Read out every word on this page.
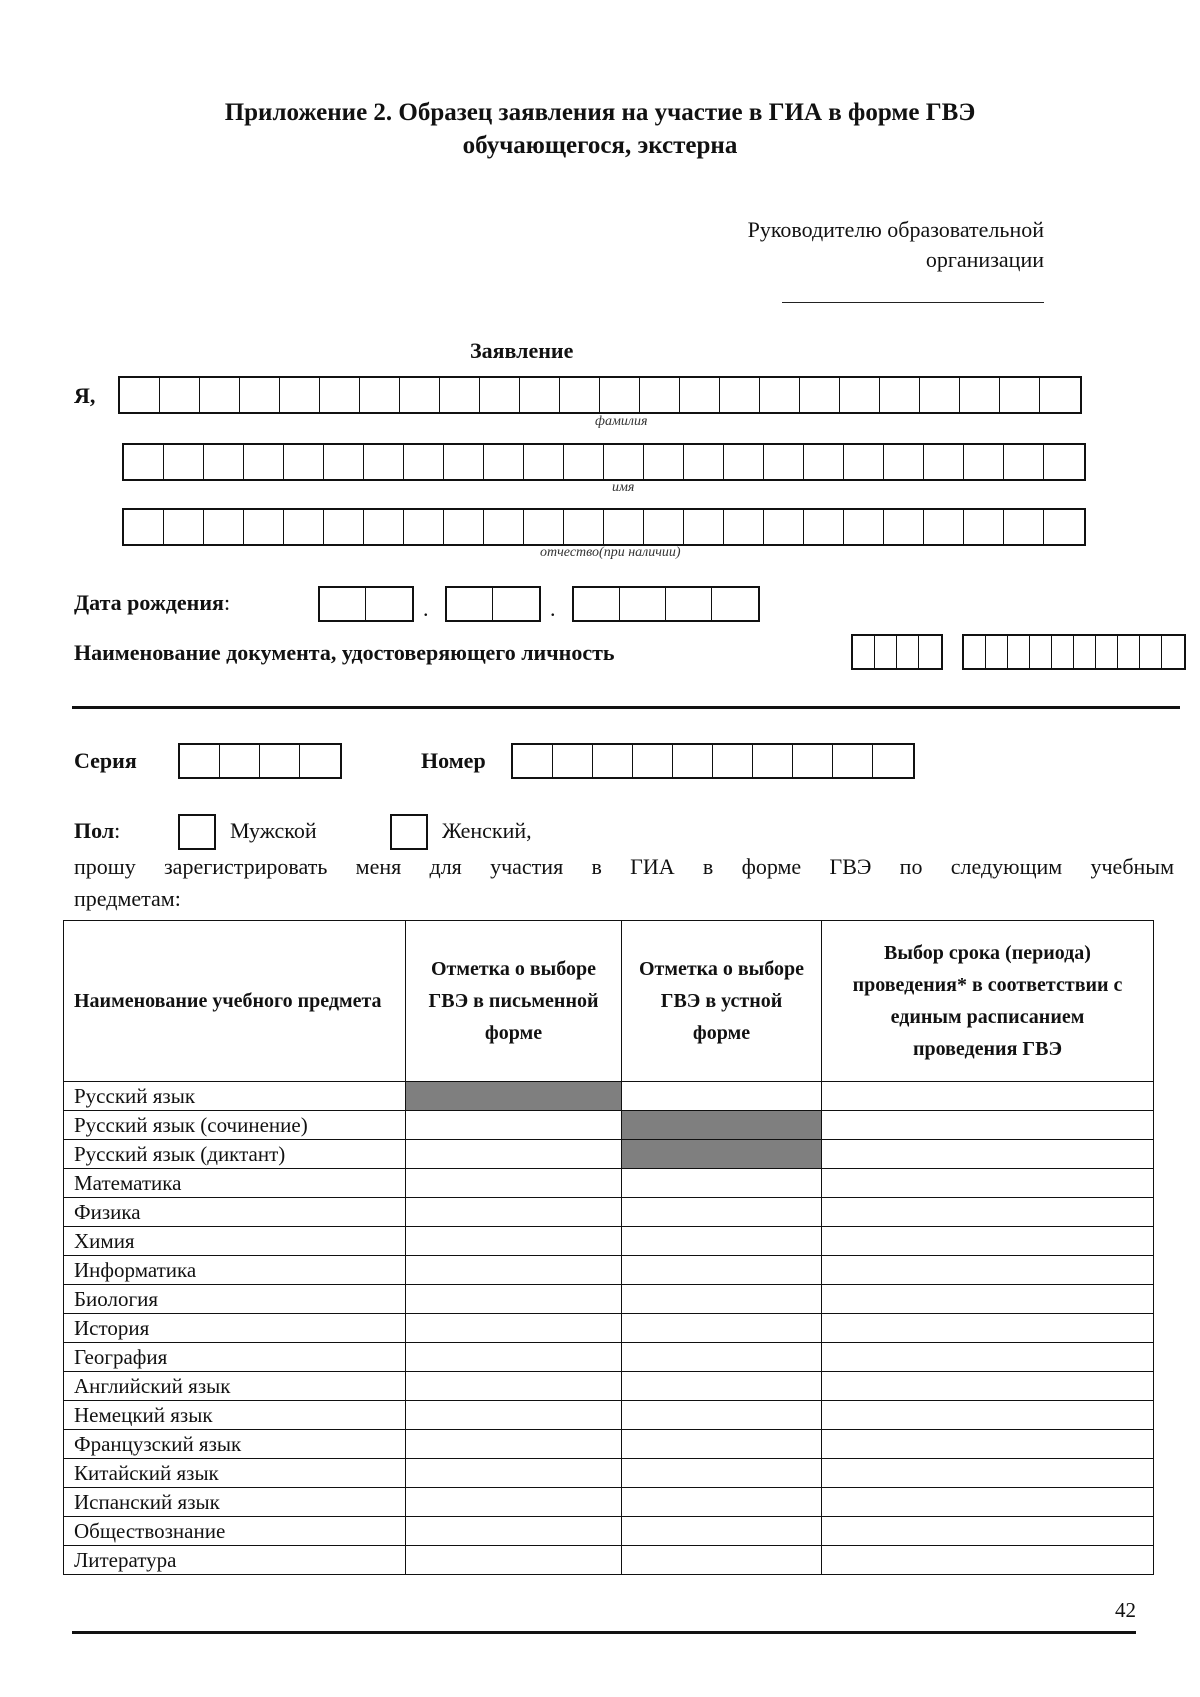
Приложение 2. Образец заявления на участие в ГИА в форме ГВЭ
обучающегося, экстерна
Руководителю образовательной
организации
Заявление
Я,
фамилия
имя
отчество(при наличии)
Дата рождения:	.	.
Наименование документа, удостоверяющего личность
Серия	Номер
Пол:	Мужской	Женский,
прошу зарегистрировать меня для участия в ГИА в форме ГВЭ по следующим учебным
предметам:
Наименование учебного предмета	Отметка о выборе ГВЭ в письменной форме	Отметка о выборе ГВЭ в устной форме	Выбор срока (периода) проведения* в соответствии с единым расписанием проведения ГВЭ
Русский язык			
Русский язык (сочинение)			
Русский язык (диктант)			
Математика			
Физика			
Химия			
Информатика			
Биология			
История			
География			
Английский язык			
Немецкий язык			
Французский язык			
Китайский язык			
Испанский язык			
Обществознание			
Литература			
42
